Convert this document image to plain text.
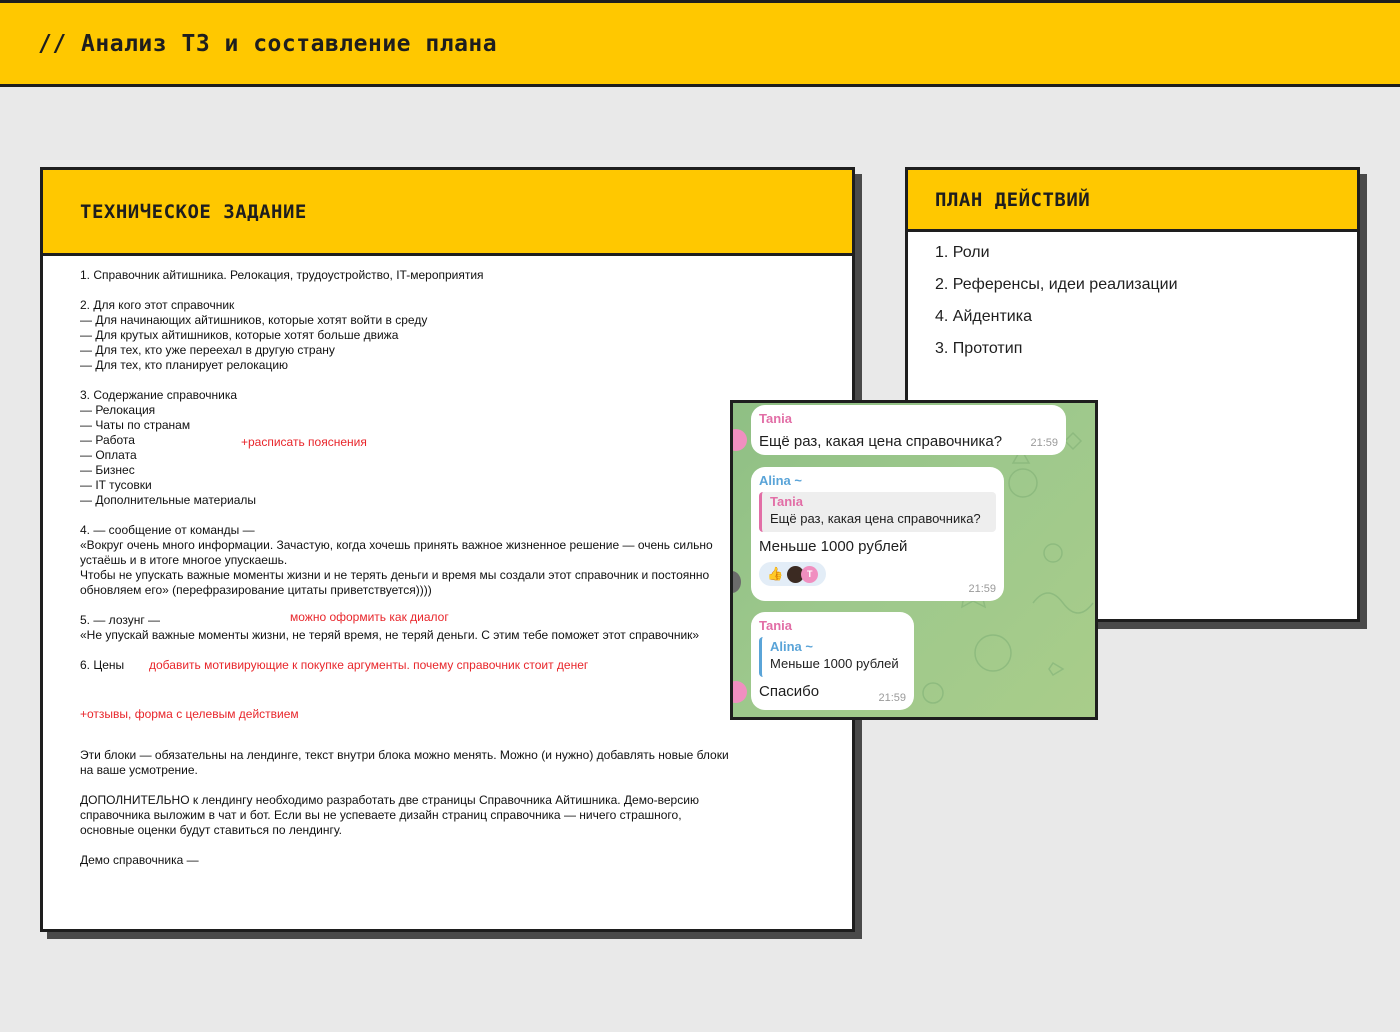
// Анализ ТЗ и составление плана
ТЕХНИЧЕСКОЕ ЗАДАНИЕ
1. Справочник айтишника. Релокация, трудоустройство, IT-мероприятия
2. Для кого этот справочник
— Для начинающих айтишников, которые хотят войти в среду
— Для крутых айтишников, которые хотят больше движа
— Для тех, кто уже переехал в другую страну
— Для тех, кто планирует релокацию
3. Содержание справочника
— Релокация
— Чаты по странам
— Работа	+расписать пояснения
— Оплата
— Бизнес
— IT тусовки
— Дополнительные материалы
4. — сообщение от команды —
«Вокруг очень много информации. Зачастую, когда хочешь принять важное жизненное решение — очень сильно
устаёшь и в итоге многое упускаешь.
Чтобы не упускать важные моменты жизни и не терять деньги и время мы создали этот справочник и постоянно
обновляем его» (перефразирование цитаты приветствуется))))
5. — лозунг —	можно оформить как диалог
«Не упускай важные моменты жизни, не теряй время, не теряй деньги. С этим тебе поможет этот справочник»
6. Цены добавить мотивирующие к покупке аргументы. почему справочник стоит денег
+отзывы, форма с целевым действием
Эти блоки — обязательны на лендинге, текст внутри блока можно менять. Можно (и нужно) добавлять новые блоки
на ваше усмотрение.
ДОПОЛНИТЕЛЬНО к лендингу необходимо разработать две страницы Справочника Айтишника. Демо-версию
справочника выложим в чат и бот. Если вы не успеваете дизайн страниц справочника — ничего страшного,
основные оценки будут ставиться по лендингу.
Демо справочника —
ПЛАН ДЕЙСТВИЙ
1. Роли
2. Референсы, идеи реализации
4. Айдентика
3. Прототип
Tania
Ещё раз, какая цена справочника?	21:59
Alina ~
Tania
Ещё раз, какая цена справочника?
Меньше 1000 рублей
👍	T
21:59
Tania
Alina ~
Меньше 1000 рублей
Спасибо	21:59
